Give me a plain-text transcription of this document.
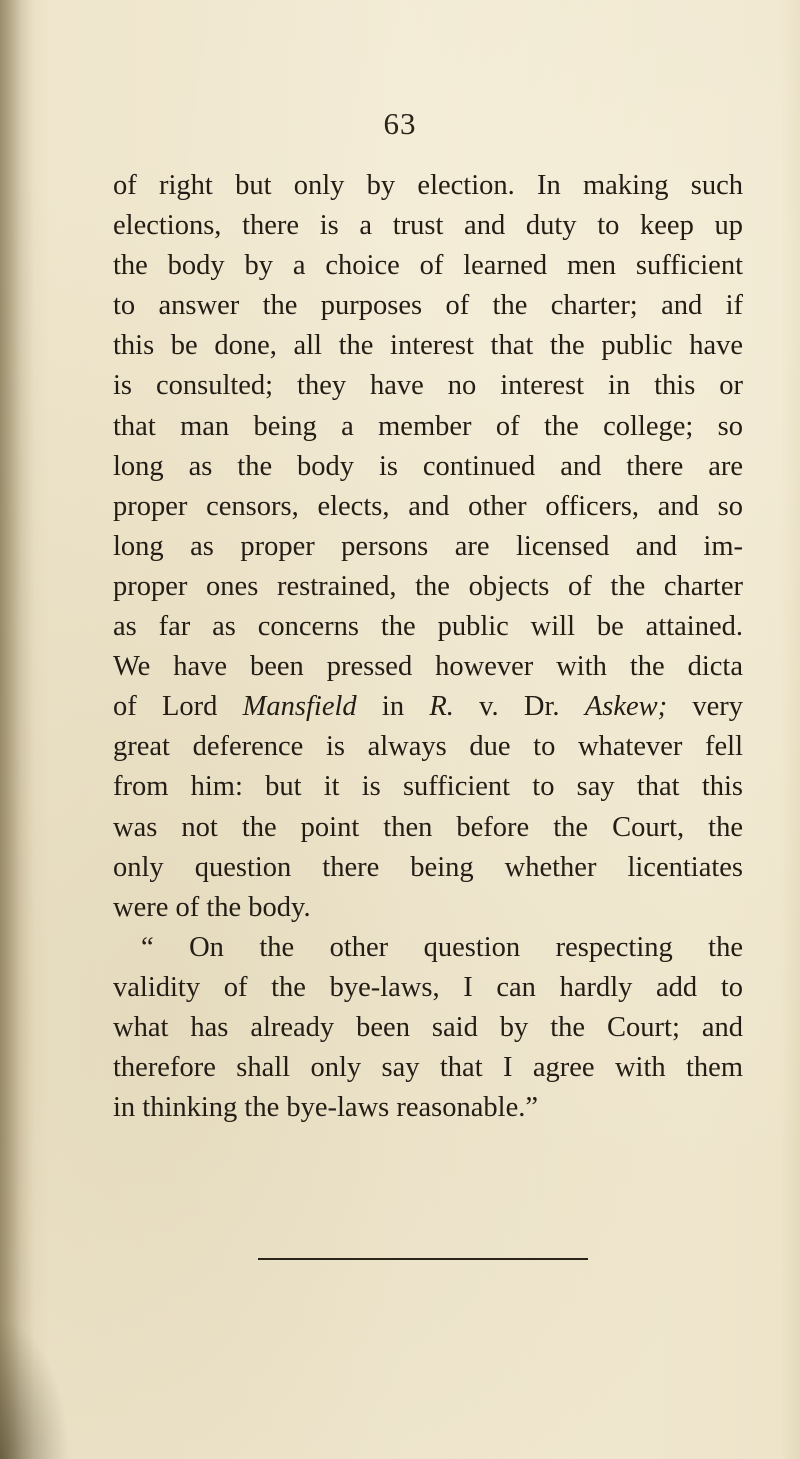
63
of right but only by election. In making such
elections, there is a trust and duty to keep up
the body by a choice of learned men sufficient
to answer the purposes of the charter; and if
this be done, all the interest that the public have
is consulted; they have no interest in this or
that man being a member of the college; so
long as the body is continued and there are
proper censors, elects, and other officers, and so
long as proper persons are licensed and im-
proper ones restrained, the objects of the charter
as far as concerns the public will be attained.
We have been pressed however with the dicta
of Lord Mansfield in R. v. Dr. Askew; very
great deference is always due to whatever fell
from him: but it is sufficient to say that this
was not the point then before the Court, the
only question there being whether licentiates
were of the body.
“ On the other question respecting the
validity of the bye-laws, I can hardly add to
what has already been said by the Court; and
therefore shall only say that I agree with them
in thinking the bye-laws reasonable.”
